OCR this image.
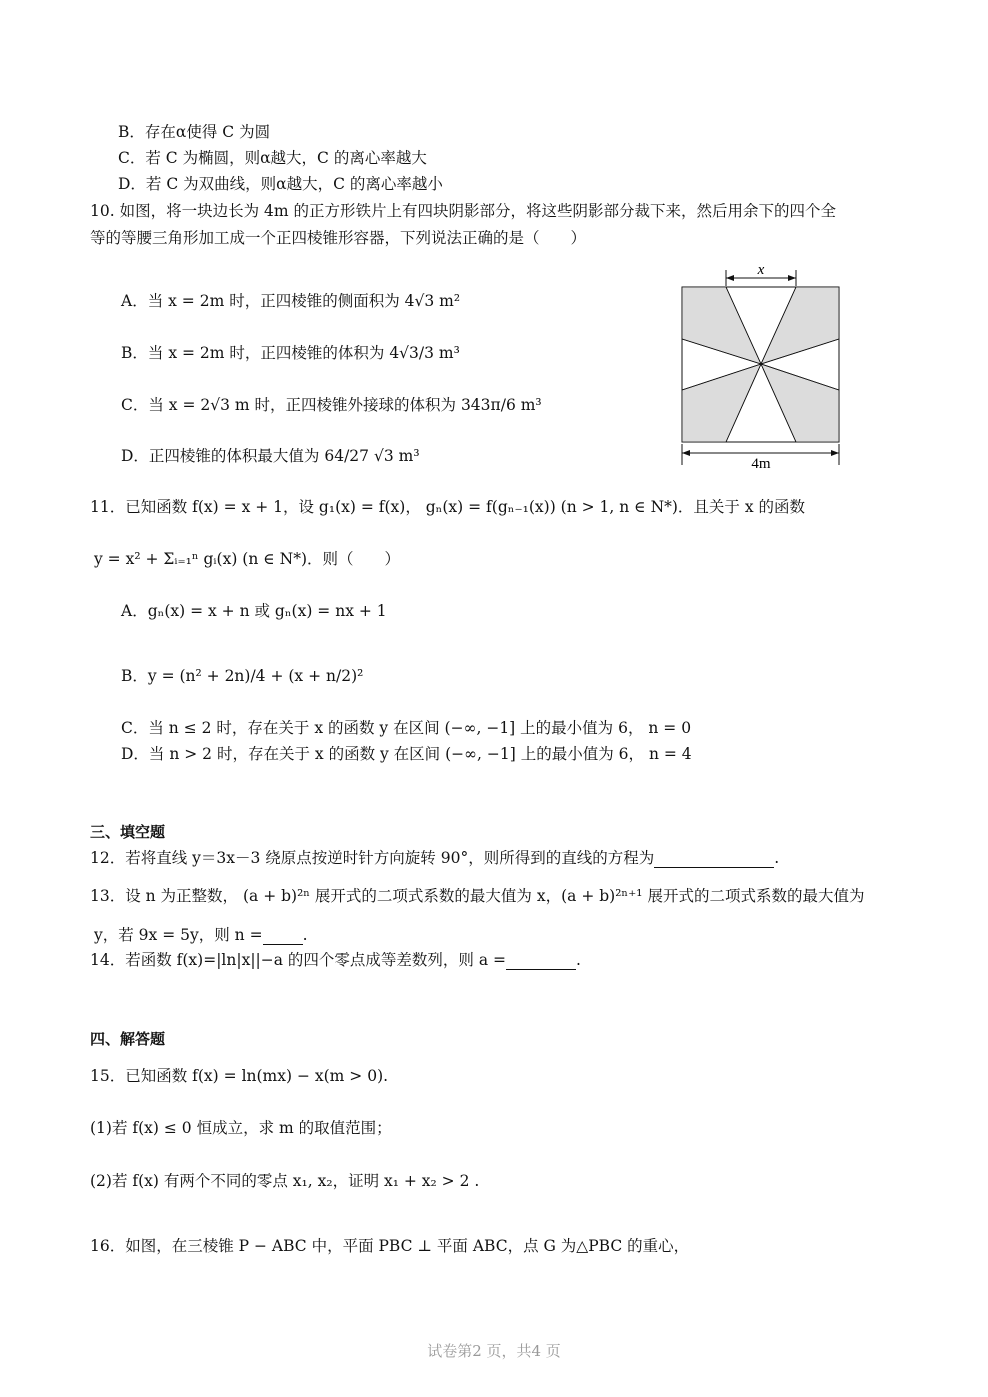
B．存在α使得 C 为圆
C．若 C 为椭圆，则α越大，C 的离心率越大
D．若 C 为双曲线，则α越大，C 的离心率越小
10. 如图，将一块边长为 4m 的正方形铁片上有四块阴影部分，将这些阴影部分裁下来，然后用余下的四个全
等的等腰三角形加工成一个正四棱锥形容器，下列说法正确的是（　　）
A．当 x = 2m 时，正四棱锥的侧面积为 4√3 m²
B．当 x = 2m 时，正四棱锥的体积为 4√3/3 m³
C．当 x = 2√3 m 时，正四棱锥外接球的体积为 343π/6 m³
D．正四棱锥的体积最大值为 64/27 √3 m³
x
4m
11．已知函数 f(x) = x + 1，设 g₁(x) = f(x)， gₙ(x) = f(gₙ₋₁(x)) (n > 1, n ∈ N*)．且关于 x 的函数
y = x² + Σᵢ₌₁ⁿ gᵢ(x) (n ∈ N*)．则（　　）
A．gₙ(x) = x + n 或 gₙ(x) = nx + 1
B．y = (n² + 2n)/4 + (x + n/2)²
C．当 n ≤ 2 时，存在关于 x 的函数 y 在区间 (−∞, −1] 上的最小值为 6， n = 0
D．当 n > 2 时，存在关于 x 的函数 y 在区间 (−∞, −1] 上的最小值为 6， n = 4
三、填空题
12．若将直线 y＝3x－3 绕原点按逆时针方向旋转 90°，则所得到的直线的方程为	.
13．设 n 为正整数， (a + b)²ⁿ 展开式的二项式系数的最大值为 x，(a + b)²ⁿ⁺¹ 展开式的二项式系数的最大值为
y，若 9x = 5y，则 n =	.
14．若函数 f(x)=|ln|x||−a 的四个零点成等差数列，则 a =	.
四、解答题
15．已知函数 f(x) = ln(mx) − x(m > 0).
(1)若 f(x) ≤ 0 恒成立，求 m 的取值范围；
(2)若 f(x) 有两个不同的零点 x₁, x₂，证明 x₁ + x₂ > 2 .
16．如图，在三棱锥 P − ABC 中，平面 PBC ⊥ 平面 ABC，点 G 为△PBC 的重心，
试卷第2 页，共4 页
